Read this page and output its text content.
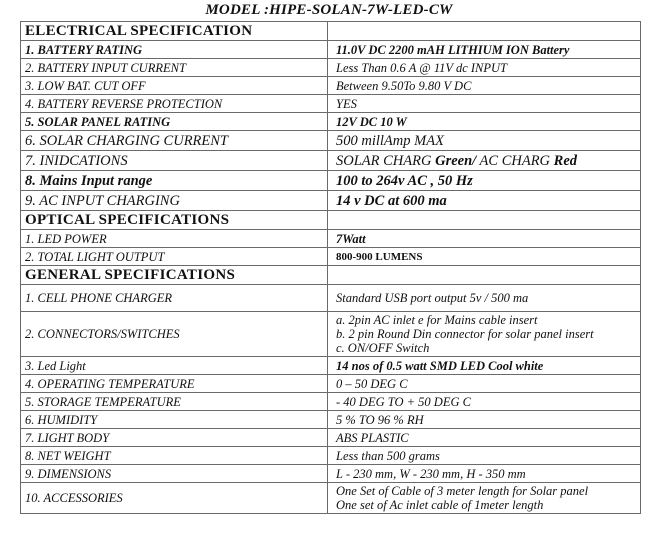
MODEL :HIPE-SOLAN-7W-LED-CW
ELECTRICAL SPECIFICATION	
1. BATTERY RATING	11.0V DC 2200 mAH LITHIUM ION Battery
2. BATTERY INPUT CURRENT	Less Than 0.6 A @ 11V dc INPUT
3. LOW BAT. CUT OFF	Between 9.50To 9.80 V DC
4. BATTERY REVERSE PROTECTION	YES
5. SOLAR PANEL RATING	12V DC 10 W
6. SOLAR CHARGING CURRENT	500 millAmp MAX
7. INIDCATIONS	SOLAR CHARG Green/ AC CHARG Red
8. Mains Input range	100 to 264v AC , 50 Hz
9. AC INPUT CHARGING	14 v DC at 600 ma
OPTICAL SPECIFICATIONS	
1. LED POWER	7Watt
2. TOTAL LIGHT OUTPUT	800-900 LUMENS
GENERAL SPECIFICATIONS	
1. CELL PHONE CHARGER	Standard USB port output 5v / 500 ma
2. CONNECTORS/SWITCHES	a. 2pin AC inlet e for Mains cable insert
b. 2 pin Round Din connector for solar panel insert
c. ON/OFF Switch

3. Led Light	14 nos of 0.5 watt SMD LED Cool white
4. OPERATING TEMPERATURE	0 – 50 DEG C
5. STORAGE TEMPERATURE	- 40 DEG TO + 50 DEG C
6. HUMIDITY	5 % TO 96 % RH
7. LIGHT BODY	ABS PLASTIC
8. NET WEIGHT	Less than 500 grams
9. DIMENSIONS	L - 230 mm, W - 230 mm, H - 350 mm
10. ACCESSORIES	One Set of Cable of 3 meter length for Solar panel
One set of Ac inlet cable of 1meter length
